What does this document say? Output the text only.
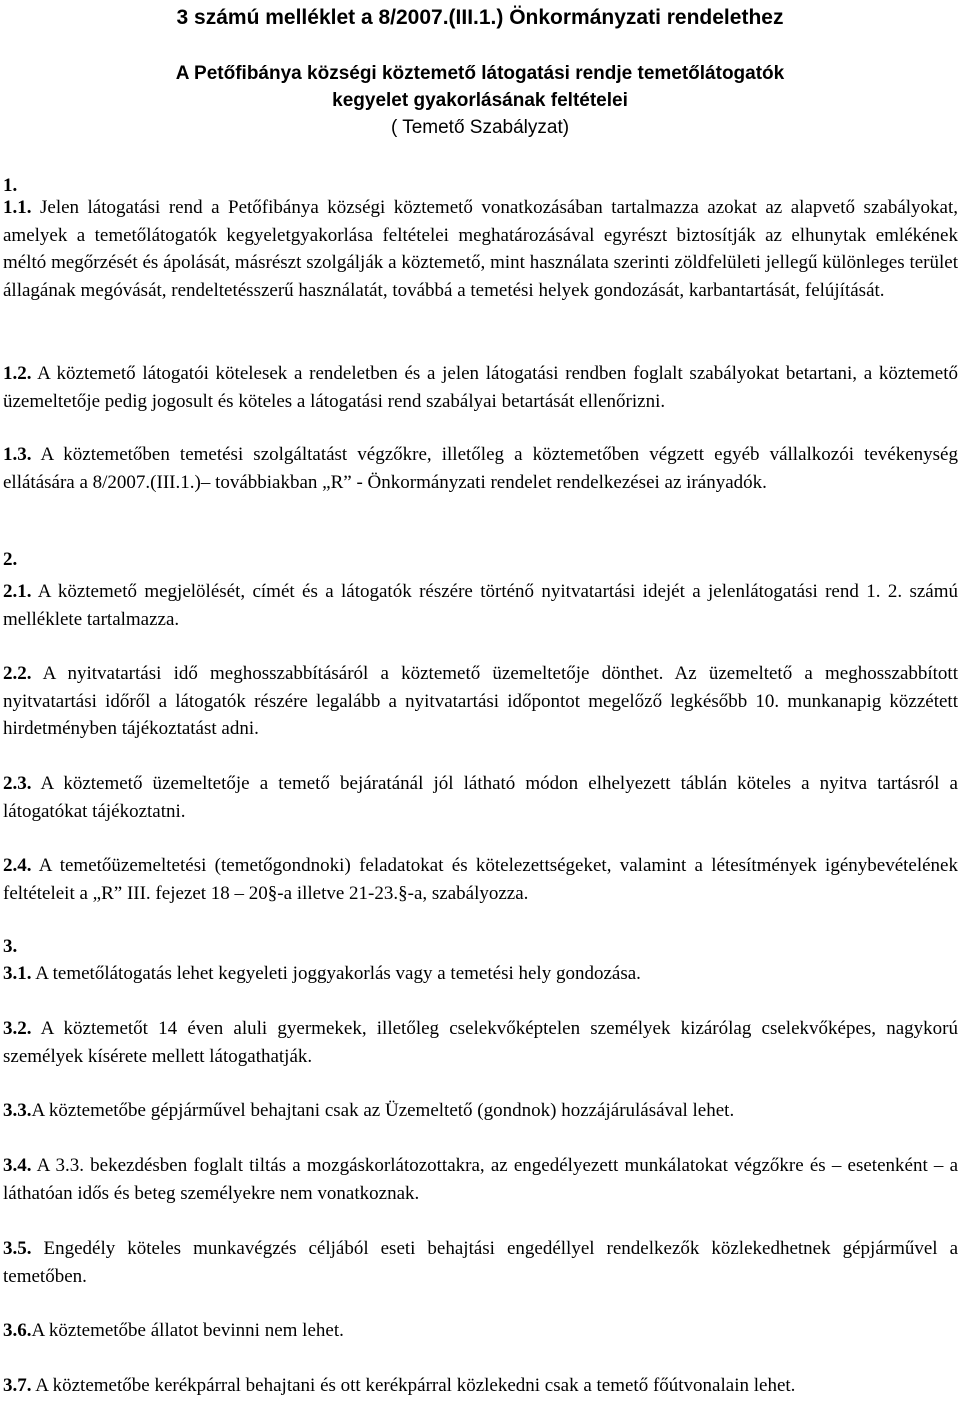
3 számú melléklet a 8/2007.(III.1.) Önkormányzati rendelethez
A Petőfibánya községi köztemető látogatási rendje temetőlátogatók
kegyelet gyakorlásának feltételei
( Temető Szabályzat)

1.

1.1. Jelen látogatási rend a Petőfibánya községi köztemető vonatkozásában tartalmazza azokat az alapvető szabályokat, amelyek a temetőlátogatók kegyeletgyakorlása feltételei meghatározásával egyrészt biztosítják az elhunytak emlékének méltó megőrzését és ápolását, másrészt szolgálják a köztemető, mint használata szerinti zöldfelületi jellegű különleges terület állagának megóvását, rendeltetésszerű használatát, továbbá a temetési helyek gondozását, karbantartását, felújítását.

1.2. A köztemető látogatói kötelesek a rendeletben és a jelen látogatási rendben foglalt szabályokat betartani, a köztemető üzemeltetője pedig jogosult és köteles a látogatási rend szabályai betartását ellenőrizni.

1.3. A köztemetőben temetési szolgáltatást végzőkre, illetőleg a köztemetőben végzett egyéb vállalkozói tevékenység ellátására a 8/2007.(III.1.)– továbbiakban „R” - Önkormányzati rendelet rendelkezései az irányadók.

2.

2.1. A köztemető megjelölését, címét és a látogatók részére történő nyitvatartási idejét a jelenlátogatási rend 1. 2. számú melléklete tartalmazza.

2.2. A nyitvatartási idő meghosszabbításáról a köztemető üzemeltetője dönthet. Az üzemeltető a meghosszabbított nyitvatartási időről a látogatók részére legalább a nyitvatartási időpontot megelőző legkésőbb 10. munkanapig közzétett hirdetményben tájékoztatást adni.

2.3. A köztemető üzemeltetője a temető bejáratánál jól látható módon elhelyezett táblán köteles a nyitva tartásról a látogatókat tájékoztatni.

2.4. A temetőüzemeltetési (temetőgondnoki) feladatokat és kötelezettségeket, valamint a létesítmények igénybevételének feltételeit a „R” III. fejezet 18 – 20§-a illetve 21-23.§-a, szabályozza.

3.

3.1. A temetőlátogatás lehet kegyeleti joggyakorlás vagy a temetési hely gondozása.

3.2. A köztemetőt 14 éven aluli gyermekek, illetőleg cselekvőképtelen személyek kizárólag cselekvőképes, nagykorú személyek kísérete mellett látogathatják.

3.3.A köztemetőbe gépjárművel behajtani csak az Üzemeltető (gondnok) hozzájárulásával lehet.

3.4. A 3.3. bekezdésben foglalt tiltás a mozgáskorlátozottakra, az engedélyezett munkálatokat végzőkre és – esetenként – a láthatóan idős és beteg személyekre nem vonatkoznak.

3.5. Engedély köteles munkavégzés céljából eseti behajtási engedéllyel rendelkezők közlekedhetnek gépjárművel a temetőben.

3.6.A köztemetőbe állatot bevinni nem lehet.

3.7. A köztemetőbe kerékpárral behajtani és ott kerékpárral közlekedni csak a temető főútvonalain lehet.
